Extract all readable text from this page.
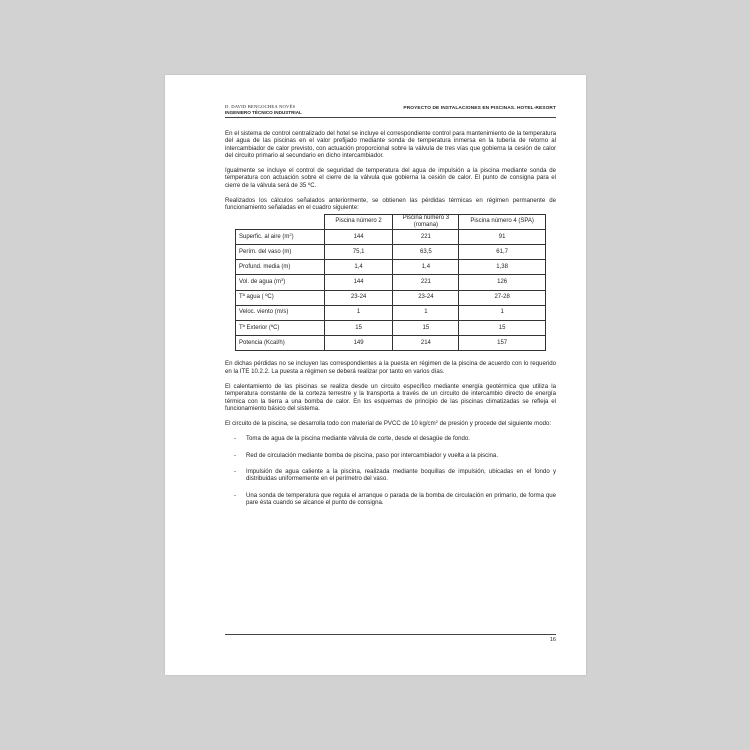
D. DAVID BENGOCHEA NOVÉS
INGENIERO TÉCNICO INDUSTRIAL
PROYECTO DE INSTALACIONES EN PISCINAS. HOTEL-RESORT

En el sistema de control centralizado del hotel se incluye el correspondiente control para mantenimiento de la temperatura del agua de las piscinas en el valor prefijado mediante sonda de temperatura inmersa en la tubería de retorno al intercambiador de calor previsto, con actuación proporcional sobre la válvula de tres vías que gobierna la cesión de calor del circuito primario al secundario en dicho intercambiador.

Igualmente se incluye el control de seguridad de temperatura del agua de impulsión a la piscina mediante sonda de temperatura con actuación sobre el cierre de la válvula que gobierna la cesión de calor. El punto de consigna para el cierre de la válvula será de 35 ºC.

Realizados los cálculos señalados anteriormente, se obtienen las pérdidas térmicas en régimen permanente de funcionamiento señaladas en el cuadro siguiente:

	Piscina número 2	Piscina número 3 (romana)	Piscina número 4 (SPA)
Superfic. al aire $(m^2)$	144	221	91
Perím. del vaso (m)	75,1	63,5	61,7
Profund. media (m)	1,4	1,4	1,38
Vol. de agua $(m^3)$	144	221	126
Tª agua ( ºC)	23-24	23-24	27-28
Veloc. viento (m/s)	1	1	1
Tª Exterior (ºC)	15	15	15
Potencia (Kcal/h)	149	214	157

En dichas pérdidas no se incluyen las correspondientes a la puesta en régimen de la piscina de acuerdo con lo requerido en la ITE 10.2.2. La puesta a régimen se deberá realizar por tanto en varios días.

El calentamiento de las piscinas se realiza desde un circuito específico mediante energía geotérmica que utiliza la temperatura constante de la corteza terrestre y la transporta a través de un circuito de intercambio directo de energía térmica con la tierra a una bomba de calor. En los esquemas de principio de las piscinas climatizadas se refleja el funcionamiento básico del sistema.

El circuito de la piscina, se desarrolla todo con material de PVCC de 10 $kg/cm^2$ de presión y procede del siguiente modo:

- Toma de agua de la piscina mediante válvula de corte, desde el desagüe de fondo.
- Red de circulación mediante bomba de piscina, paso por intercambiador y vuelta a la piscina.
- Impulsión de agua caliente a la piscina, realizada mediante boquillas de impulsión, ubicadas en el fondo y distribuidas uniformemente en el perímetro del vaso.
- Una sonda de temperatura que regula el arranque o parada de la bomba de circulación en primario, de forma que pare ésta cuando se alcance el punto de consigna.
16
